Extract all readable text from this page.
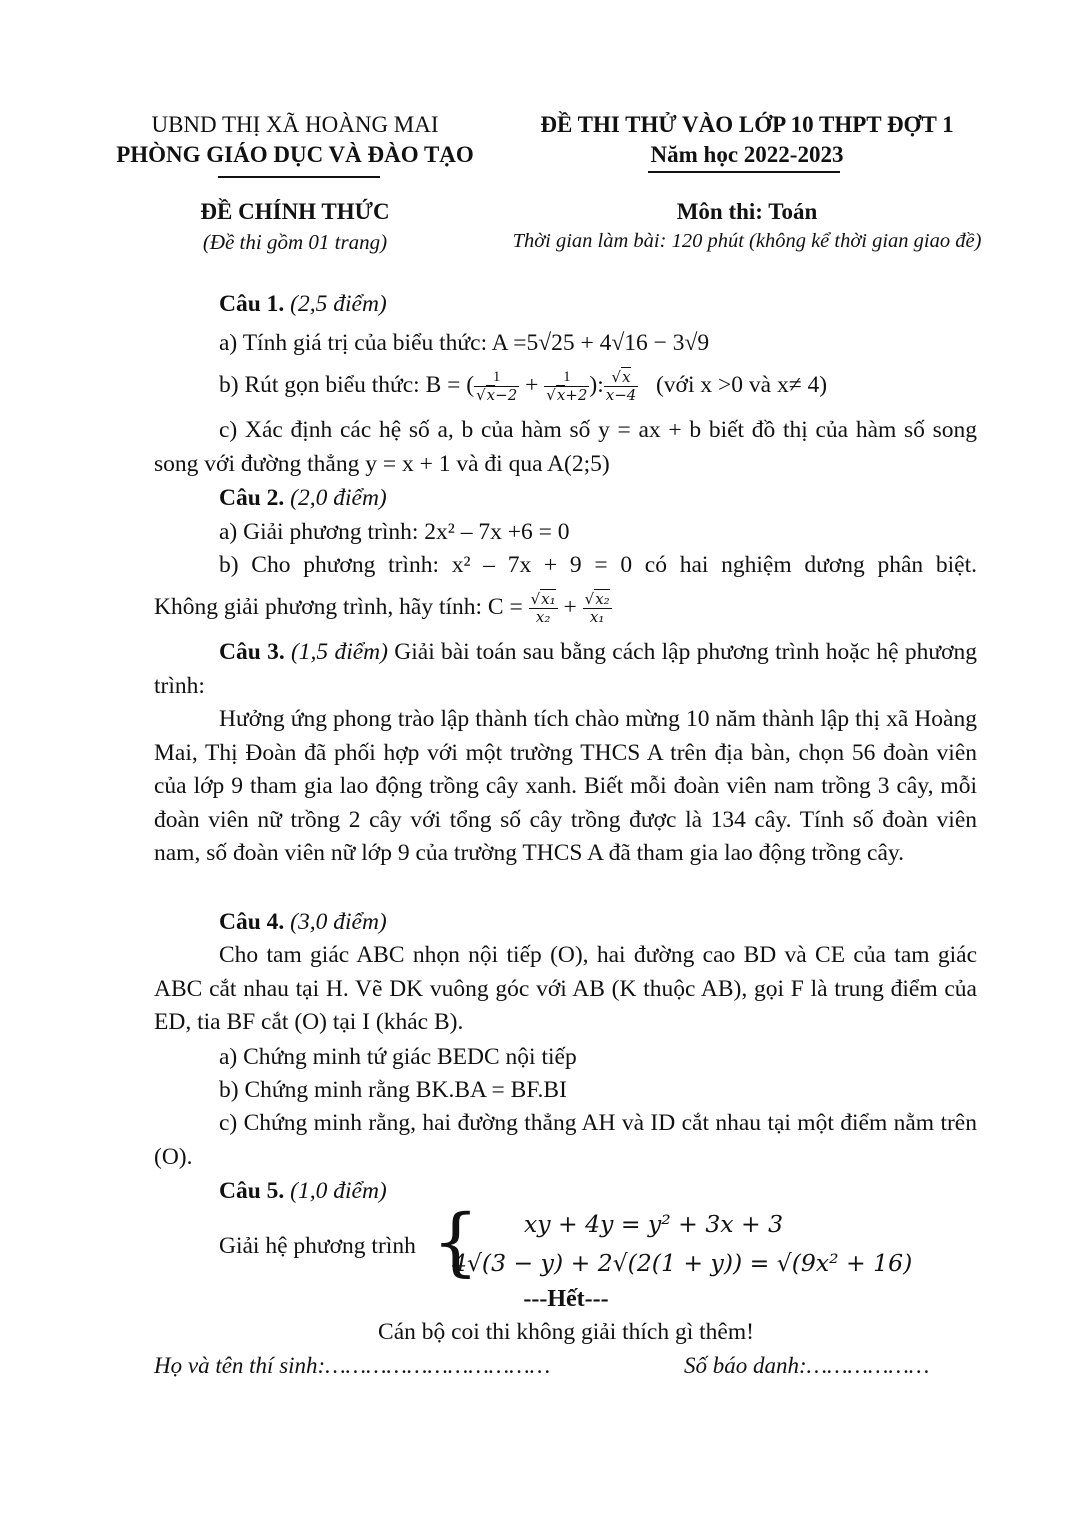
UBND THỊ XÃ HOÀNG MAI
PHÒNG GIÁO DỤC VÀ ĐÀO TẠO
ĐỀ THI THỬ VÀO LỚP 10 THPT ĐỢT 1
Năm học 2022-2023
ĐỀ CHÍNH THỨC
(Đề thi gồm 01 trang)
Môn thi: Toán
Thời gian làm bài: 120 phút (không kể thời gian giao đề)
Câu 1. (2,5 điểm)
a) Tính giá trị của biểu thức: A =5√25 + 4√16 − 3√9
b) Rút gọn biểu thức: B = ( $\frac{1}{√x-2} + \frac{1}{√x+2}$ ): $\frac{√x}{x-4}$ (với x >0 và x≠ 4)
c) Xác định các hệ số a, b của hàm số y = ax + b biết đồ thị của hàm số song song với đường thẳng y = x + 1 và đi qua A(2;5)
Câu 2. (2,0 điểm)
a) Giải phương trình: 2x² – 7x +6 = 0
b) Cho phương trình: x² – 7x + 9 = 0 có hai nghiệm dương phân biệt.
Không giải phương trình, hãy tính: $C = \frac{\text{√x₁}}{\text{x₂}} + \frac{\text{√x₂}}{\text{x₁}}$
Câu 3. (1,5 điểm) Giải bài toán sau bằng cách lập phương trình hoặc hệ phương trình:
Hưởng ứng phong trào lập thành tích chào mừng 10 năm thành lập thị xã Hoàng Mai, Thị Đoàn đã phối hợp với một trường THCS A trên địa bàn, chọn 56 đoàn viên của lớp 9 tham gia lao động trồng cây xanh. Biết mỗi đoàn viên nam trồng 3 cây, mỗi đoàn viên nữ trồng 2 cây với tổng số cây trồng được là 134 cây. Tính số đoàn viên nam, số đoàn viên nữ lớp 9 của trường THCS A đã tham gia lao động trồng cây.
Câu 4. (3,0 điểm)
Cho tam giác ABC nhọn nội tiếp (O), hai đường cao BD và CE của tam giác ABC cắt nhau tại H. Vẽ DK vuông góc với AB (K thuộc AB), gọi F là trung điểm của ED, tia BF cắt (O) tại I (khác B).
a) Chứng minh tứ giác BEDC nội tiếp
b) Chứng minh rằng BK.BA = BF.BI
c) Chứng minh rằng, hai đường thẳng AH và ID cắt nhau tại một điểm nằm trên (O).
Câu 5. (1,0 điểm)
Giải hệ phương trình { xy + 4y = y² + 3x + 3
4√(3 − y) + 2√(2(1 + y)) = √(9x² + 16)
---Hết---
Cán bộ coi thi không giải thích gì thêm!
Họ và tên thí sinh:……………………………	Số báo danh:………………
